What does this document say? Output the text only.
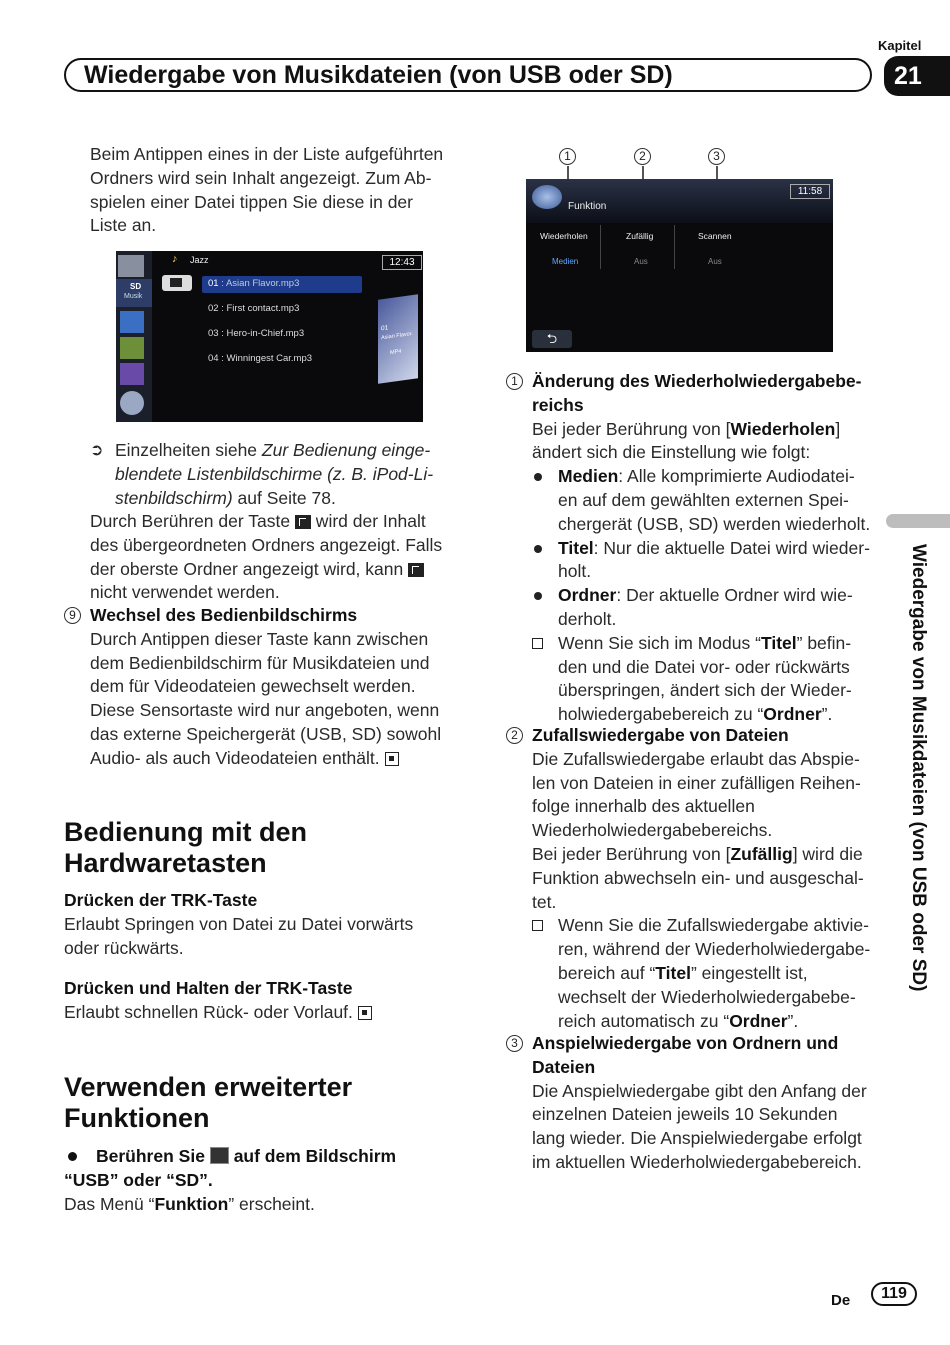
Kapitel
Wiedergabe von Musikdateien (von USB oder SD)	21
Wiedergabe von Musikdateien (von USB oder SD)

Beim Antippen eines in der Liste aufgeführten

Ordners wird sein Inhalt angezeigt. Zum Ab-

spielen einer Datei tippen Sie diese in der

Liste an.

SD
Musik
♪ Jazz	12:43
01 : Asian Flavor.mp3
02 : First contact.mp3
03 : Hero-in-Chief.mp3
04 : Winningest Car.mp3
01
Asian Flavor.
MP4
➲ Einzelheiten siehe Zur Bedienung einge-

blendete Listenbildschirme (z. B. iPod-Li-

stenbildschirm) auf Seite 78.

Durch Berühren der Taste  wird der Inhalt

des übergeordneten Ordners angezeigt. Falls

der oberste Ordner angezeigt wird, kann

nicht verwendet werden.

9 Wechsel des Bedienbildschirms

Durch Antippen dieser Taste kann zwischen

dem Bedienbildschirm für Musikdateien und

dem für Videodateien gewechselt werden.

Diese Sensortaste wird nur angeboten, wenn

das externe Speichergerät (USB, SD) sowohl

Audio- als auch Videodateien enthält.

Bedienung mit den

Hardwaretasten

Drücken der TRK-Taste

Erlaubt Springen von Datei zu Datei vorwärts

oder rückwärts.

Drücken und Halten der TRK-Taste

Erlaubt schnellen Rück- oder Vorlauf.

Verwenden erweiterter

Funktionen

Berühren Sie auf dem Bildschirm

“USB” oder “SD”.

Das Menü “Funktion” erscheint.

1	2	3
Funktion
11:58
Wiederholen
Medien
Zufällig
Aus
Scannen
Aus
⮌
1 Änderung des Wiederholwiedergabebe-

reichs

Bei jeder Berührung von [Wiederholen]

ändert sich die Einstellung wie folgt:

Medien: Alle komprimierte Audiodatei-

en auf dem gewählten externen Spei-

chergerät (USB, SD) werden wiederholt.

Titel: Nur die aktuelle Datei wird wieder-

holt.

Ordner: Der aktuelle Ordner wird wie-

derholt.

Wenn Sie sich im Modus “Titel” befin-

den und die Datei vor- oder rückwärts

überspringen, ändert sich der Wieder-

holwiedergabebereich zu “Ordner”.

2 Zufallswiedergabe von Dateien

Die Zufallswiedergabe erlaubt das Abspie-

len von Dateien in einer zufälligen Reihen-

folge innerhalb des aktuellen

Wiederholwiedergabebereichs.

Bei jeder Berührung von [Zufällig] wird die

Funktion abwechseln ein- und ausgeschal-

tet.

Wenn Sie die Zufallswiedergabe aktivie-

ren, während der Wiederholwiedergabe-

bereich auf “Titel” eingestellt ist,

wechselt der Wiederholwiedergabebe-

reich automatisch zu “Ordner”.

3 Anspielwiedergabe von Ordnern und

Dateien

Die Anspielwiedergabe gibt den Anfang der

einzelnen Dateien jeweils 10 Sekunden

lang wieder. Die Anspielwiedergabe erfolgt

im aktuellen Wiederholwiedergabebereich.

De	119
